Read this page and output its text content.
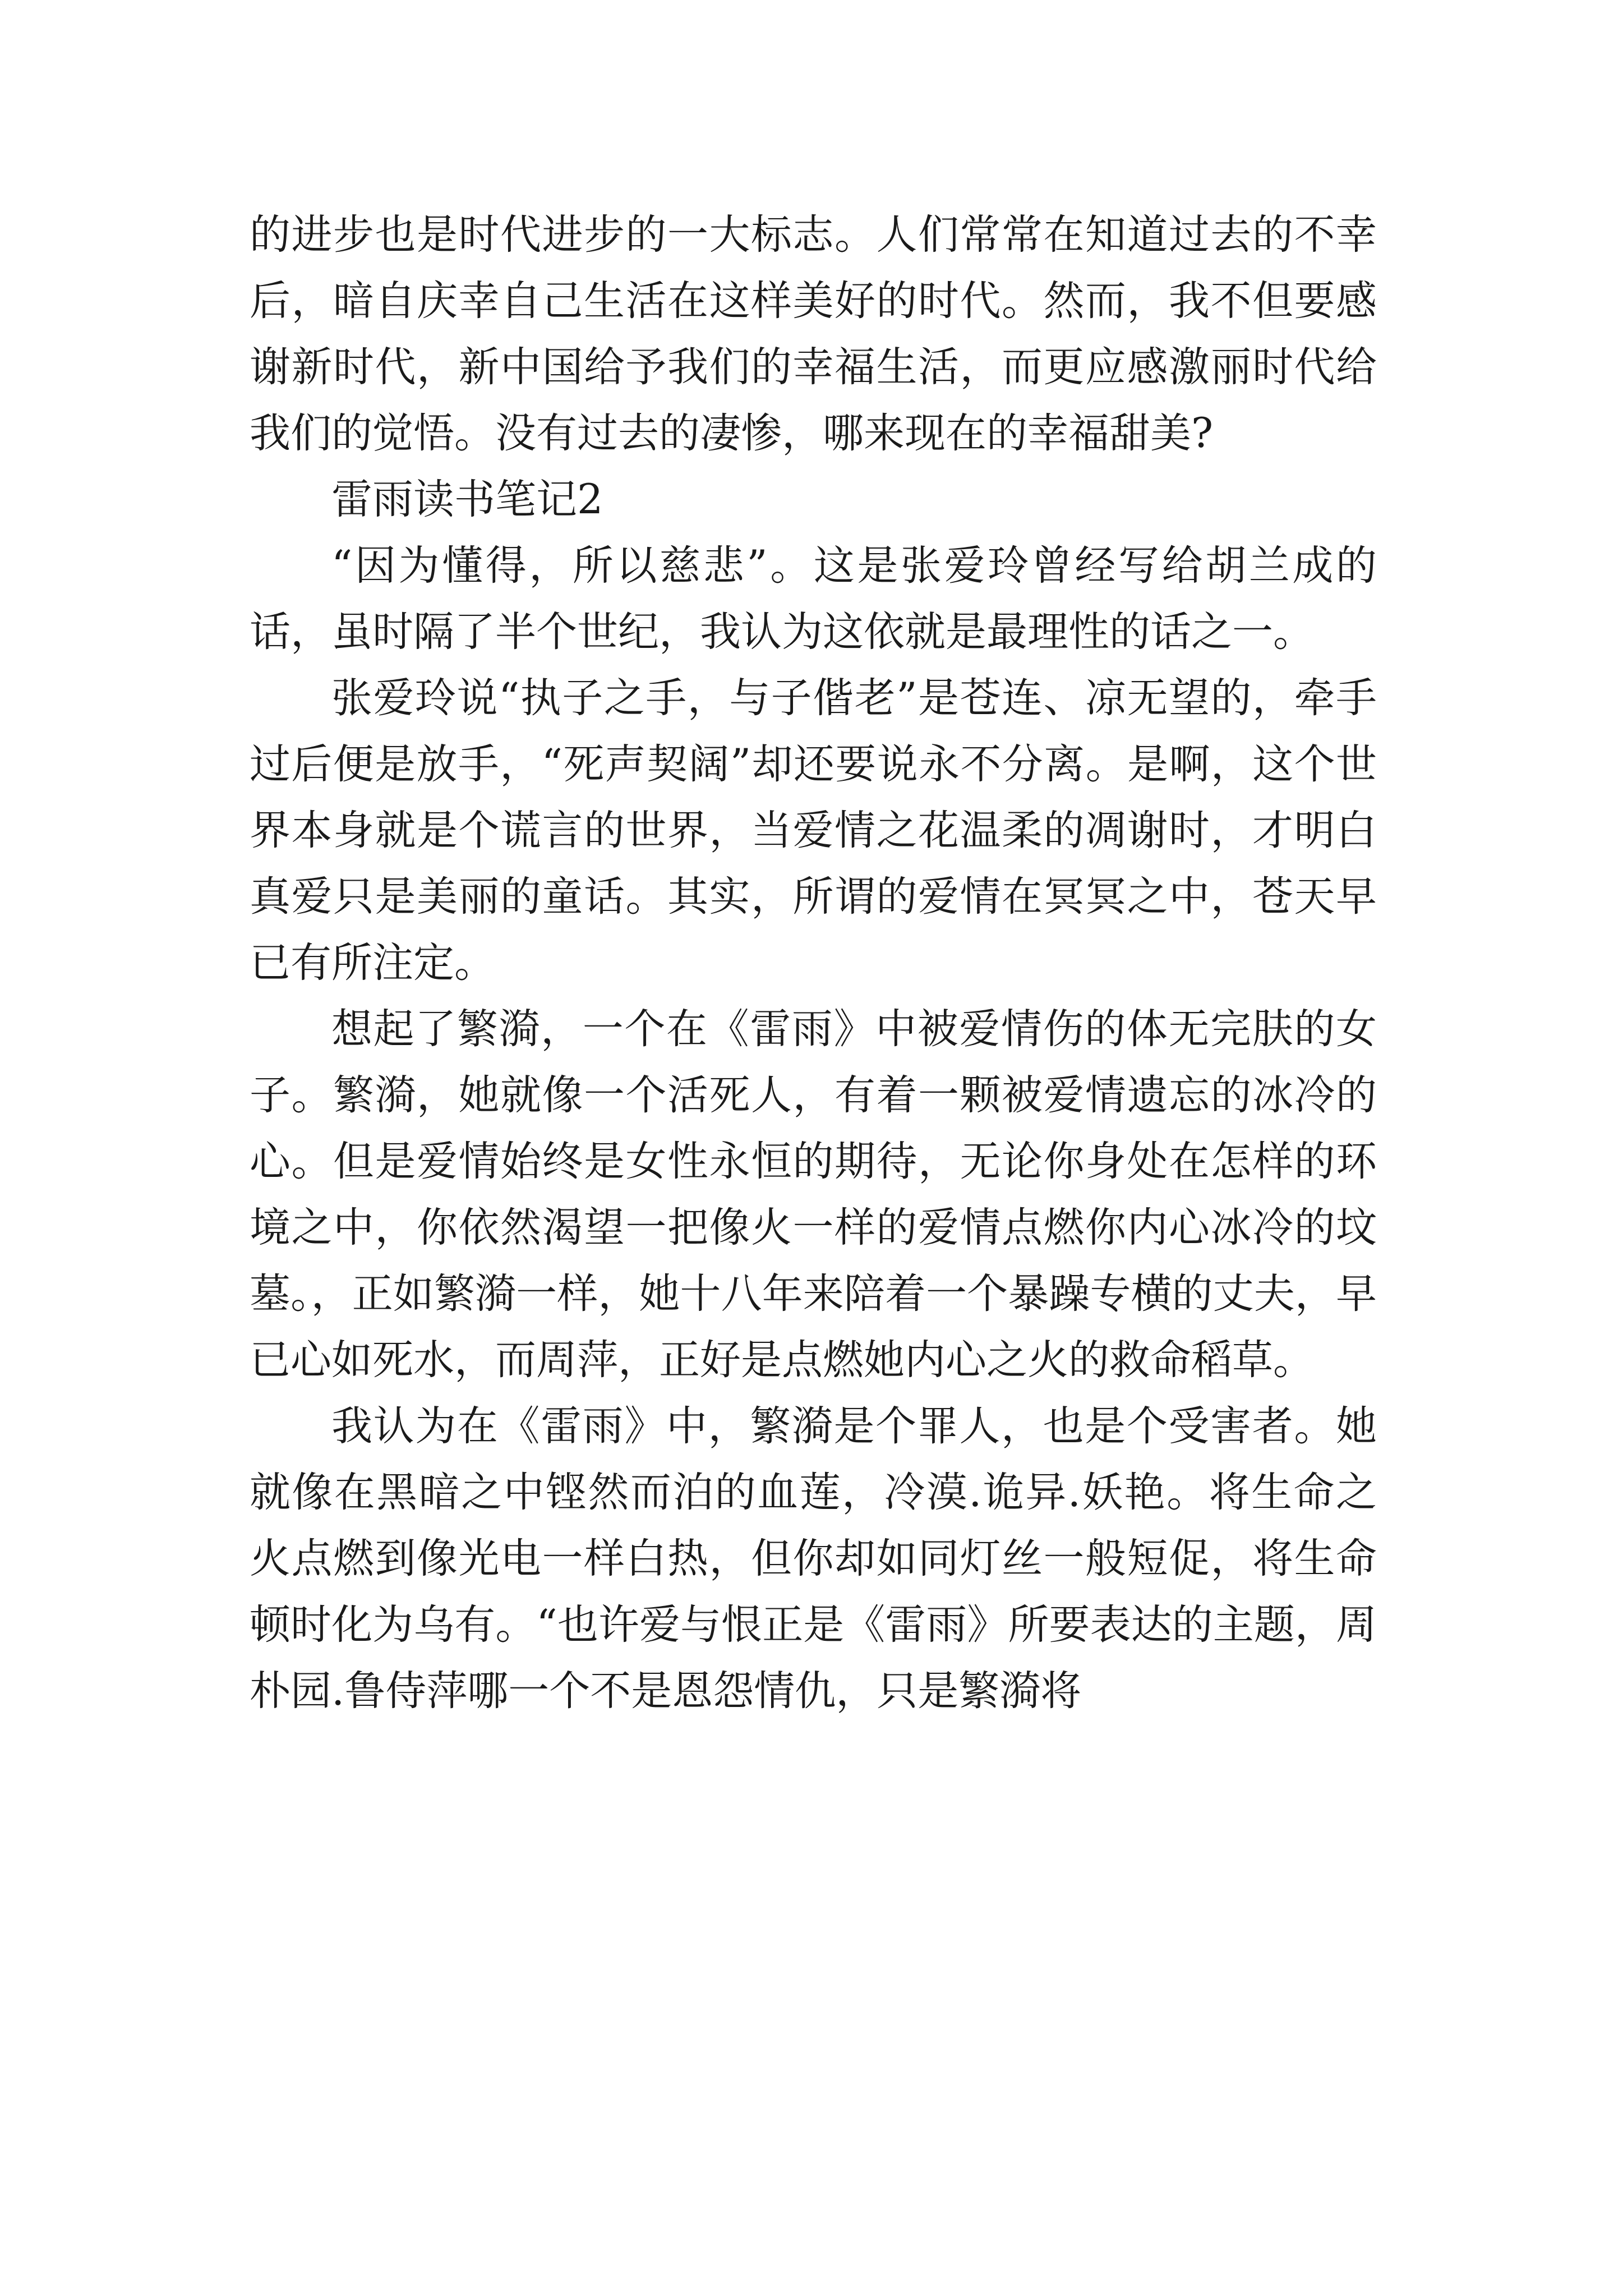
的进步也是时代进步的一大标志。人们常常在知道过去的不幸后，暗自庆幸自己生活在这样美好的时代。然而，我不但要感谢新时代，新中国给予我们的幸福生活，而更应感激丽时代给我们的觉悟。没有过去的凄惨，哪来现在的幸福甜美?

雷雨读书笔记2

“因为懂得，所以慈悲”。这是张爱玲曾经写给胡兰成的话，虽时隔了半个世纪，我认为这依就是最理性的话之一。

张爱玲说“执子之手，与子偕老”是苍连、凉无望的，牵手过后便是放手，“死声契阔”却还要说永不分离。是啊，这个世界本身就是个谎言的世界，当爱情之花温柔的凋谢时，才明白真爱只是美丽的童话。其实，所谓的爱情在冥冥之中，苍天早已有所注定。

想起了繁漪，一个在《雷雨》中被爱情伤的体无完肤的女子。繁漪，她就像一个活死人，有着一颗被爱情遗忘的冰冷的心。但是爱情始终是女性永恒的期待，无论你身处在怎样的环境之中，你依然渴望一把像火一样的爱情点燃你内心冰冷的坟墓。，正如繁漪一样，她十八年来陪着一个暴躁专横的丈夫，早已心如死水，而周萍，正好是点燃她内心之火的救命稻草。

我认为在《雷雨》中，繁漪是个罪人，也是个受害者。她就像在黑暗之中铿然而泊的血莲，冷漠.诡异.妖艳。将生命之火点燃到像光电一样白热，但你却如同灯丝一般短促，将生命顿时化为乌有。“也许爱与恨正是《雷雨》所要表达的主题，周朴园.鲁侍萍哪一个不是恩怨情仇，只是繁漪将
